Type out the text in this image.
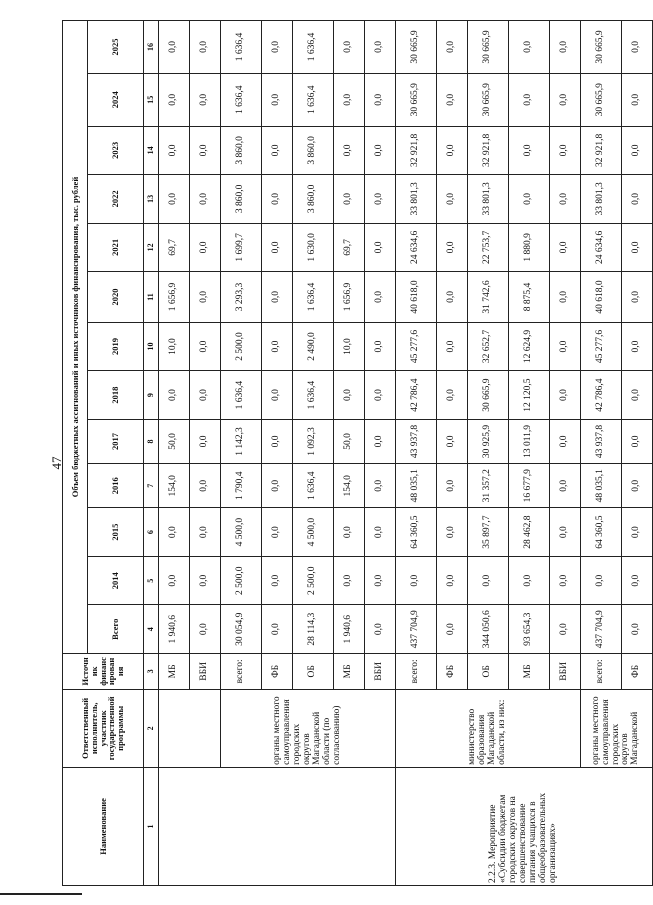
47
Наименование	Ответственный исполнитель, участник государственной программы	Источник финансирования	Объем бюджетных ассигнований и иных источников финансирования, тыс. рублей												
			Всего	2014	2015	2016	2017	2018	2019	2020	2021	2022	2023	2024	2025
1	2	3	4	5	6	7	8	9	10	11	12	13	14	15	16
		МБ	1 940,6	0,0	0,0	154,0	50,0	0,0	10,0	1 656,9	69,7	0,0	0,0	0,0	0,0
		ВБИ	0,0	0,0	0,0	0,0	0,0	0,0	0,0	0,0	0,0	0,0	0,0	0,0	0,0
	органы местного самоуправления городских округов Магаданской области (по согласованию)	всего:	30 054,9	2 500,0	4 500,0	1 790,4	1 142,3	1 636,4	2 500,0	3 293,3	1 699,7	3 860,0	3 860,0	1 636,4	1 636,4
		ФБ	0,0	0,0	0,0	0,0	0,0	0,0	0,0	0,0	0,0	0,0	0,0	0,0	0,0
		ОБ	28 114,3	2 500,0	4 500,0	1 636,4	1 092,3	1 636,4	2 490,0	1 636,4	1 630,0	3 860,0	3 860,0	1 636,4	1 636,4
		МБ	1 940,6	0,0	0,0	154,0	50,0	0,0	10,0	1 656,9	69,7	0,0	0,0	0,0	0,0
		ВБИ	0,0	0,0	0,0	0,0	0,0	0,0	0,0	0,0	0,0	0,0	0,0	0,0	0,0
2.2.3. Мероприятие «Субсидии бюджетам городских округов на совершенствование питания учащихся в общеобразовательных организациях»	министерство образования Магаданской области, из них:	всего:	437 704,9	0,0	64 360,5	48 035,1	43 937,8	42 786,4	45 277,6	40 618,0	24 634,6	33 801,3	32 921,8	30 665,9	30 665,9
		ФБ	0,0	0,0	0,0	0,0	0,0	0,0	0,0	0,0	0,0	0,0	0,0	0,0	0,0
		ОБ	344 050,6	0,0	35 897,7	31 357,2	30 925,9	30 665,9	32 652,7	31 742,6	22 753,7	33 801,3	32 921,8	30 665,9	30 665,9
		МБ	93 654,3	0,0	28 462,8	16 677,9	13 011,9	12 120,5	12 624,9	8 875,4	1 880,9	0,0	0,0	0,0	0,0
		ВБИ	0,0	0,0	0,0	0,0	0,0	0,0	0,0	0,0	0,0	0,0	0,0	0,0	0,0
	органы местного самоуправления городских округов Магаданской	всего:	437 704,9	0,0	64 360,5	48 035,1	43 937,8	42 786,4	45 277,6	40 618,0	24 634,6	33 801,3	32 921,8	30 665,9	30 665,9
		ФБ	0,0	0,0	0,0	0,0	0,0	0,0	0,0	0,0	0,0	0,0	0,0	0,0	0,0
